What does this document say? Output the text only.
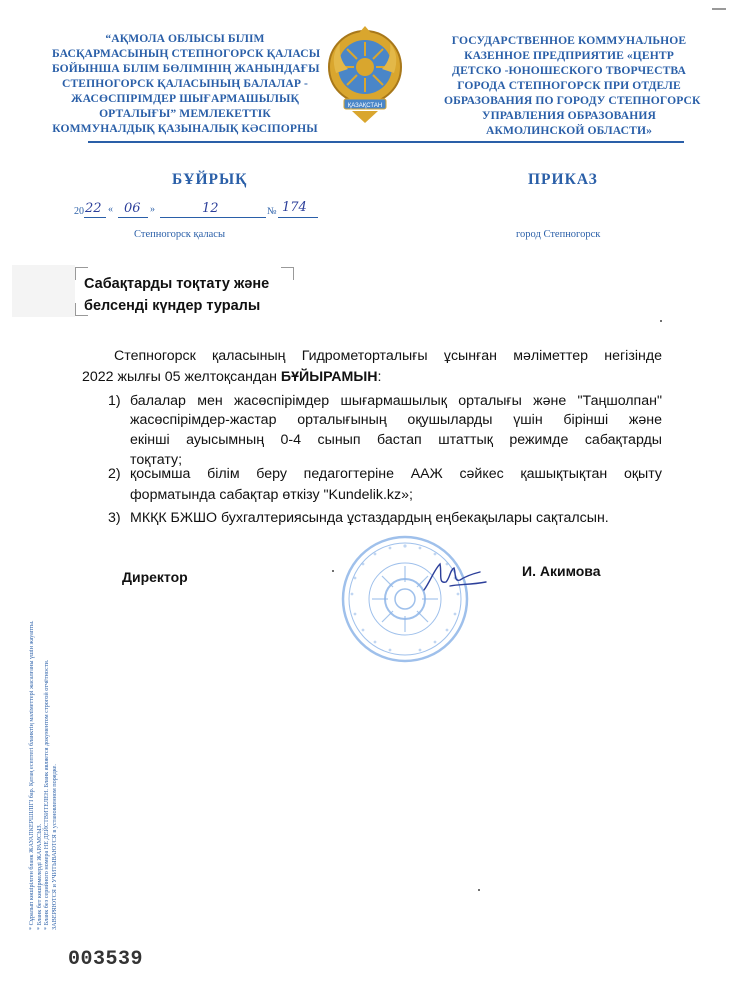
“АҚМОЛА ОБЛЫСЫ БІЛІМ
БАСҚАРМАСЫНЫҢ СТЕПНОГОРСК ҚАЛАСЫ
БОЙЫНША БІЛІМ БӨЛІМІНІҢ ЖАНЫНДАҒЫ
СТЕПНОГОРСК ҚАЛАСЫНЫҢ БАЛАЛАР -
ЖАСӨСПІРІМДЕР ШЫҒАРМАШЫЛЫҚ
ОРТАЛЫҒЫ” МЕМЛЕКЕТТІК
КОММУНАЛДЫҚ ҚАЗЫНАЛЫҚ КӘСІПОРНЫ
ҚАЗАҚСТАН
ГОСУДАРСТВЕННОЕ КОММУНАЛЬНОЕ
КАЗЕННОЕ ПРЕДПРИЯТИЕ «ЦЕНТР
ДЕТСКО -ЮНОШЕСКОГО ТВОРЧЕСТВА
ГОРОДА СТЕПНОГОРСК ПРИ ОТДЕЛЕ
ОБРАЗОВАНИЯ ПО ГОРОДУ СТЕПНОГОРСК
УПРАВЛЕНИЯ ОБРАЗОВАНИЯ
АКМОЛИНСКОЙ ОБЛАСТИ»
БҰЙРЫҚ	ПРИКАЗ
20 22 « 06 »	12	№ 174
Степногорск қаласы	город Степногорск
Сабақтарды тоқтату және
белсенді күндер туралы
Степногорск қаласының Гидрометорталығы ұсынған мәліметтер негізінде
2022 жылғы 05 желтоқсандан БҰЙЫРАМЫН:
1) балалар мен жасөспірімдер шығармашылық орталығы және "Таңшолпан"
жасөспірімдер-жастар орталығының оқушыларды үшін бірінші және
екінші ауысымның 0-4 сынып бастап штаттық режимде сабақтарды
тоқтату;
2) қосымша білім беру педагогтеріне ААЖ сәйкес қашықтықтан оқыту
форматында сабақтар өткізу "Kundelik.kz»;
3) МКҚК БЖШО бухгалтериясында ұстаздардың еңбекақылары сақталсын.
Директор	И. Акимова
* Сұралып көшірілген бланк ЖАУАПКЕРШІЛІГІ бар. Қатаң есептегі бланктің мәліметтері жасалғаны үшін жауапты. * Бланк бет көшірмелерді ЖАРАМСЫЗ. * Бланк без серийного номера НЕ ДЕЙСТВИТЕЛЕН. Бланк является документом строгой отчётности. ЗАВЕРЯЮТСЯ и УЧИТЫВАЮТСЯ в установленном порядке.
003539
